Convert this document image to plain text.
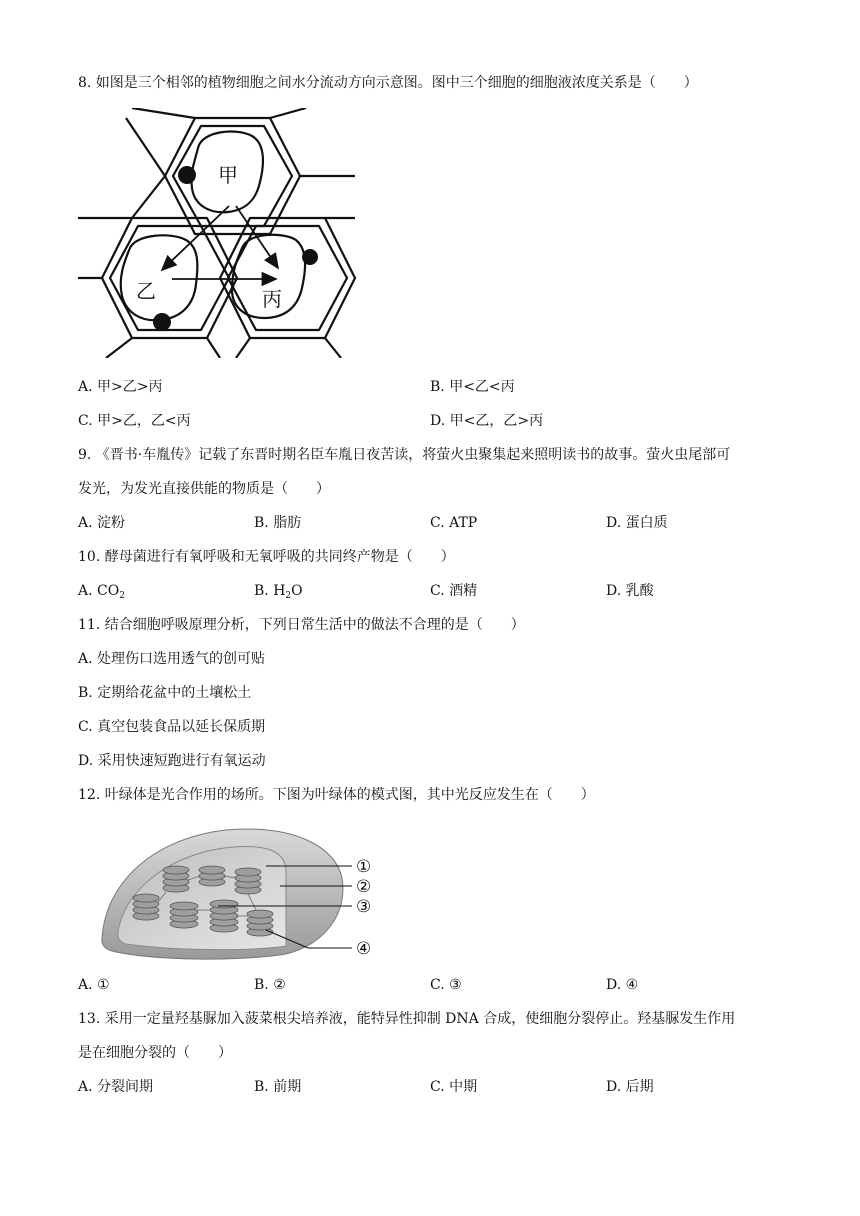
8. 如图是三个相邻的植物细胞之间水分流动方向示意图。图中三个细胞的细胞液浓度关系是（　　）
甲
乙	丙
A. 甲>乙>丙	B. 甲<乙<丙
C. 甲>乙，乙<丙	D. 甲<乙，乙>丙
9. 《晋书·车胤传》记载了东晋时期名臣车胤日夜苦读，将萤火虫聚集起来照明读书的故事。萤火虫尾部可
发光，为发光直接供能的物质是（　　）
A. 淀粉	B. 脂肪	C. ATP	D. 蛋白质
10. 酵母菌进行有氧呼吸和无氧呼吸的共同终产物是（　　）
A. $CO_2$	B. $H_2O$	C. 酒精	D. 乳酸
11. 结合细胞呼吸原理分析，下列日常生活中的做法不合理的是（　　）
A. 处理伤口选用透气的创可贴
B. 定期给花盆中的土壤松土
C. 真空包装食品以延长保质期
D. 采用快速短跑进行有氧运动
12. 叶绿体是光合作用的场所。下图为叶绿体的模式图，其中光反应发生在（　　）
①
②
③
④
A. ①	B. ②	C. ③	D. ④
13. 采用一定量羟基脲加入菠菜根尖培养液，能特异性抑制 DNA 合成，使细胞分裂停止。羟基脲发生作用
是在细胞分裂的（　　）
A. 分裂间期	B. 前期	C. 中期	D. 后期
